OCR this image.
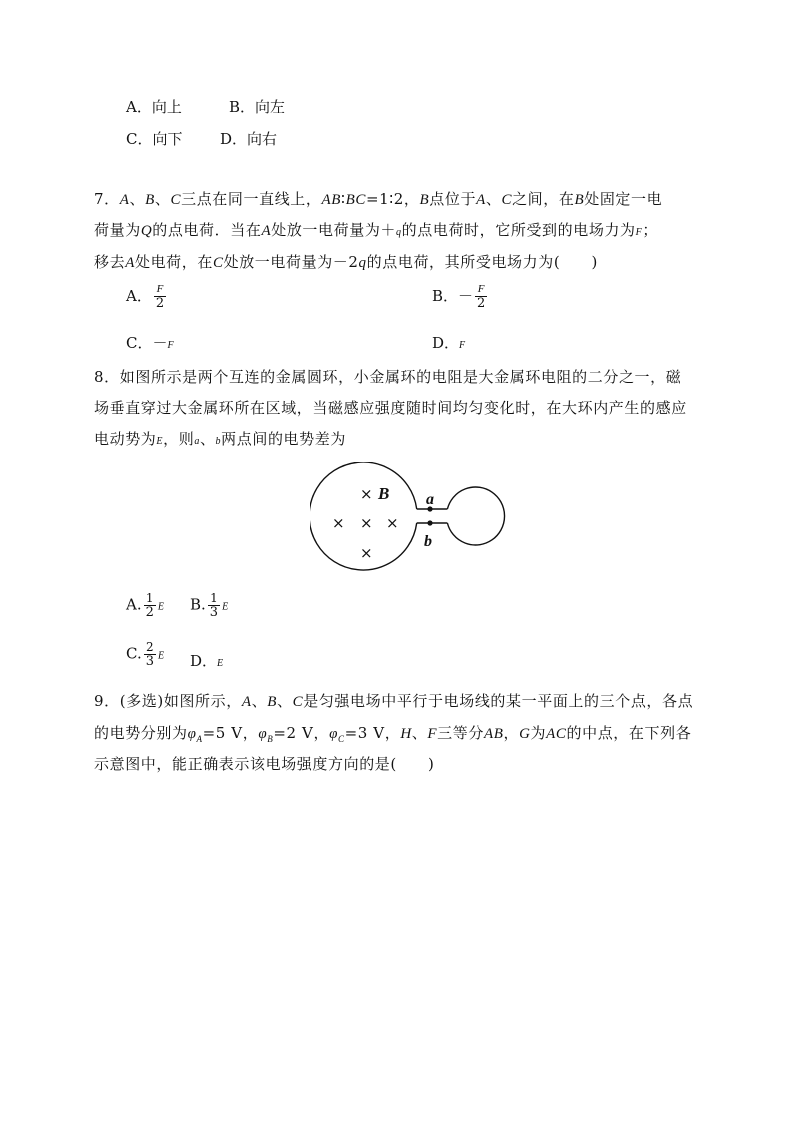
A．向上	B．向左
C．向下	D．向右
7．A、B、C三点在同一直线上，AB∶BC=1∶2，B点位于A、C之间，在B处固定一电
荷量为Q的点电荷．当在A处放一电荷量为＋q的点电荷时，它所受到的电场力为F；
移去A处电荷，在C处放一电荷量为－2q的点电荷，其所受电场力为(　　)
A． $\frac{F}{2}$	B．－ $\frac{F}{2}$
C．－F	D．F
8．如图所示是两个互连的金属圆环，小金属环的电阻是大金属环电阻的二分之一，磁
场垂直穿过大金属环所在区域，当磁感应强度随时间均匀变化时，在大环内产生的感应
电动势为E，则a、b两点间的电势差为
a
b
× B
× × ×
×
A. $\frac{1}{2}$ E B. $\frac{1}{3}$ E
C. $\frac{2}{3}$ E D．E
9．(多选)如图所示，A、B、C是匀强电场中平行于电场线的某一平面上的三个点，各点
的电势分别为$\varphi_A=5$ V，$\varphi_B=2$ V，$\varphi_C=3$ V，H、F三等分AB，G为AC的中点，在下列各
示意图中，能正确表示该电场强度方向的是(　　)
